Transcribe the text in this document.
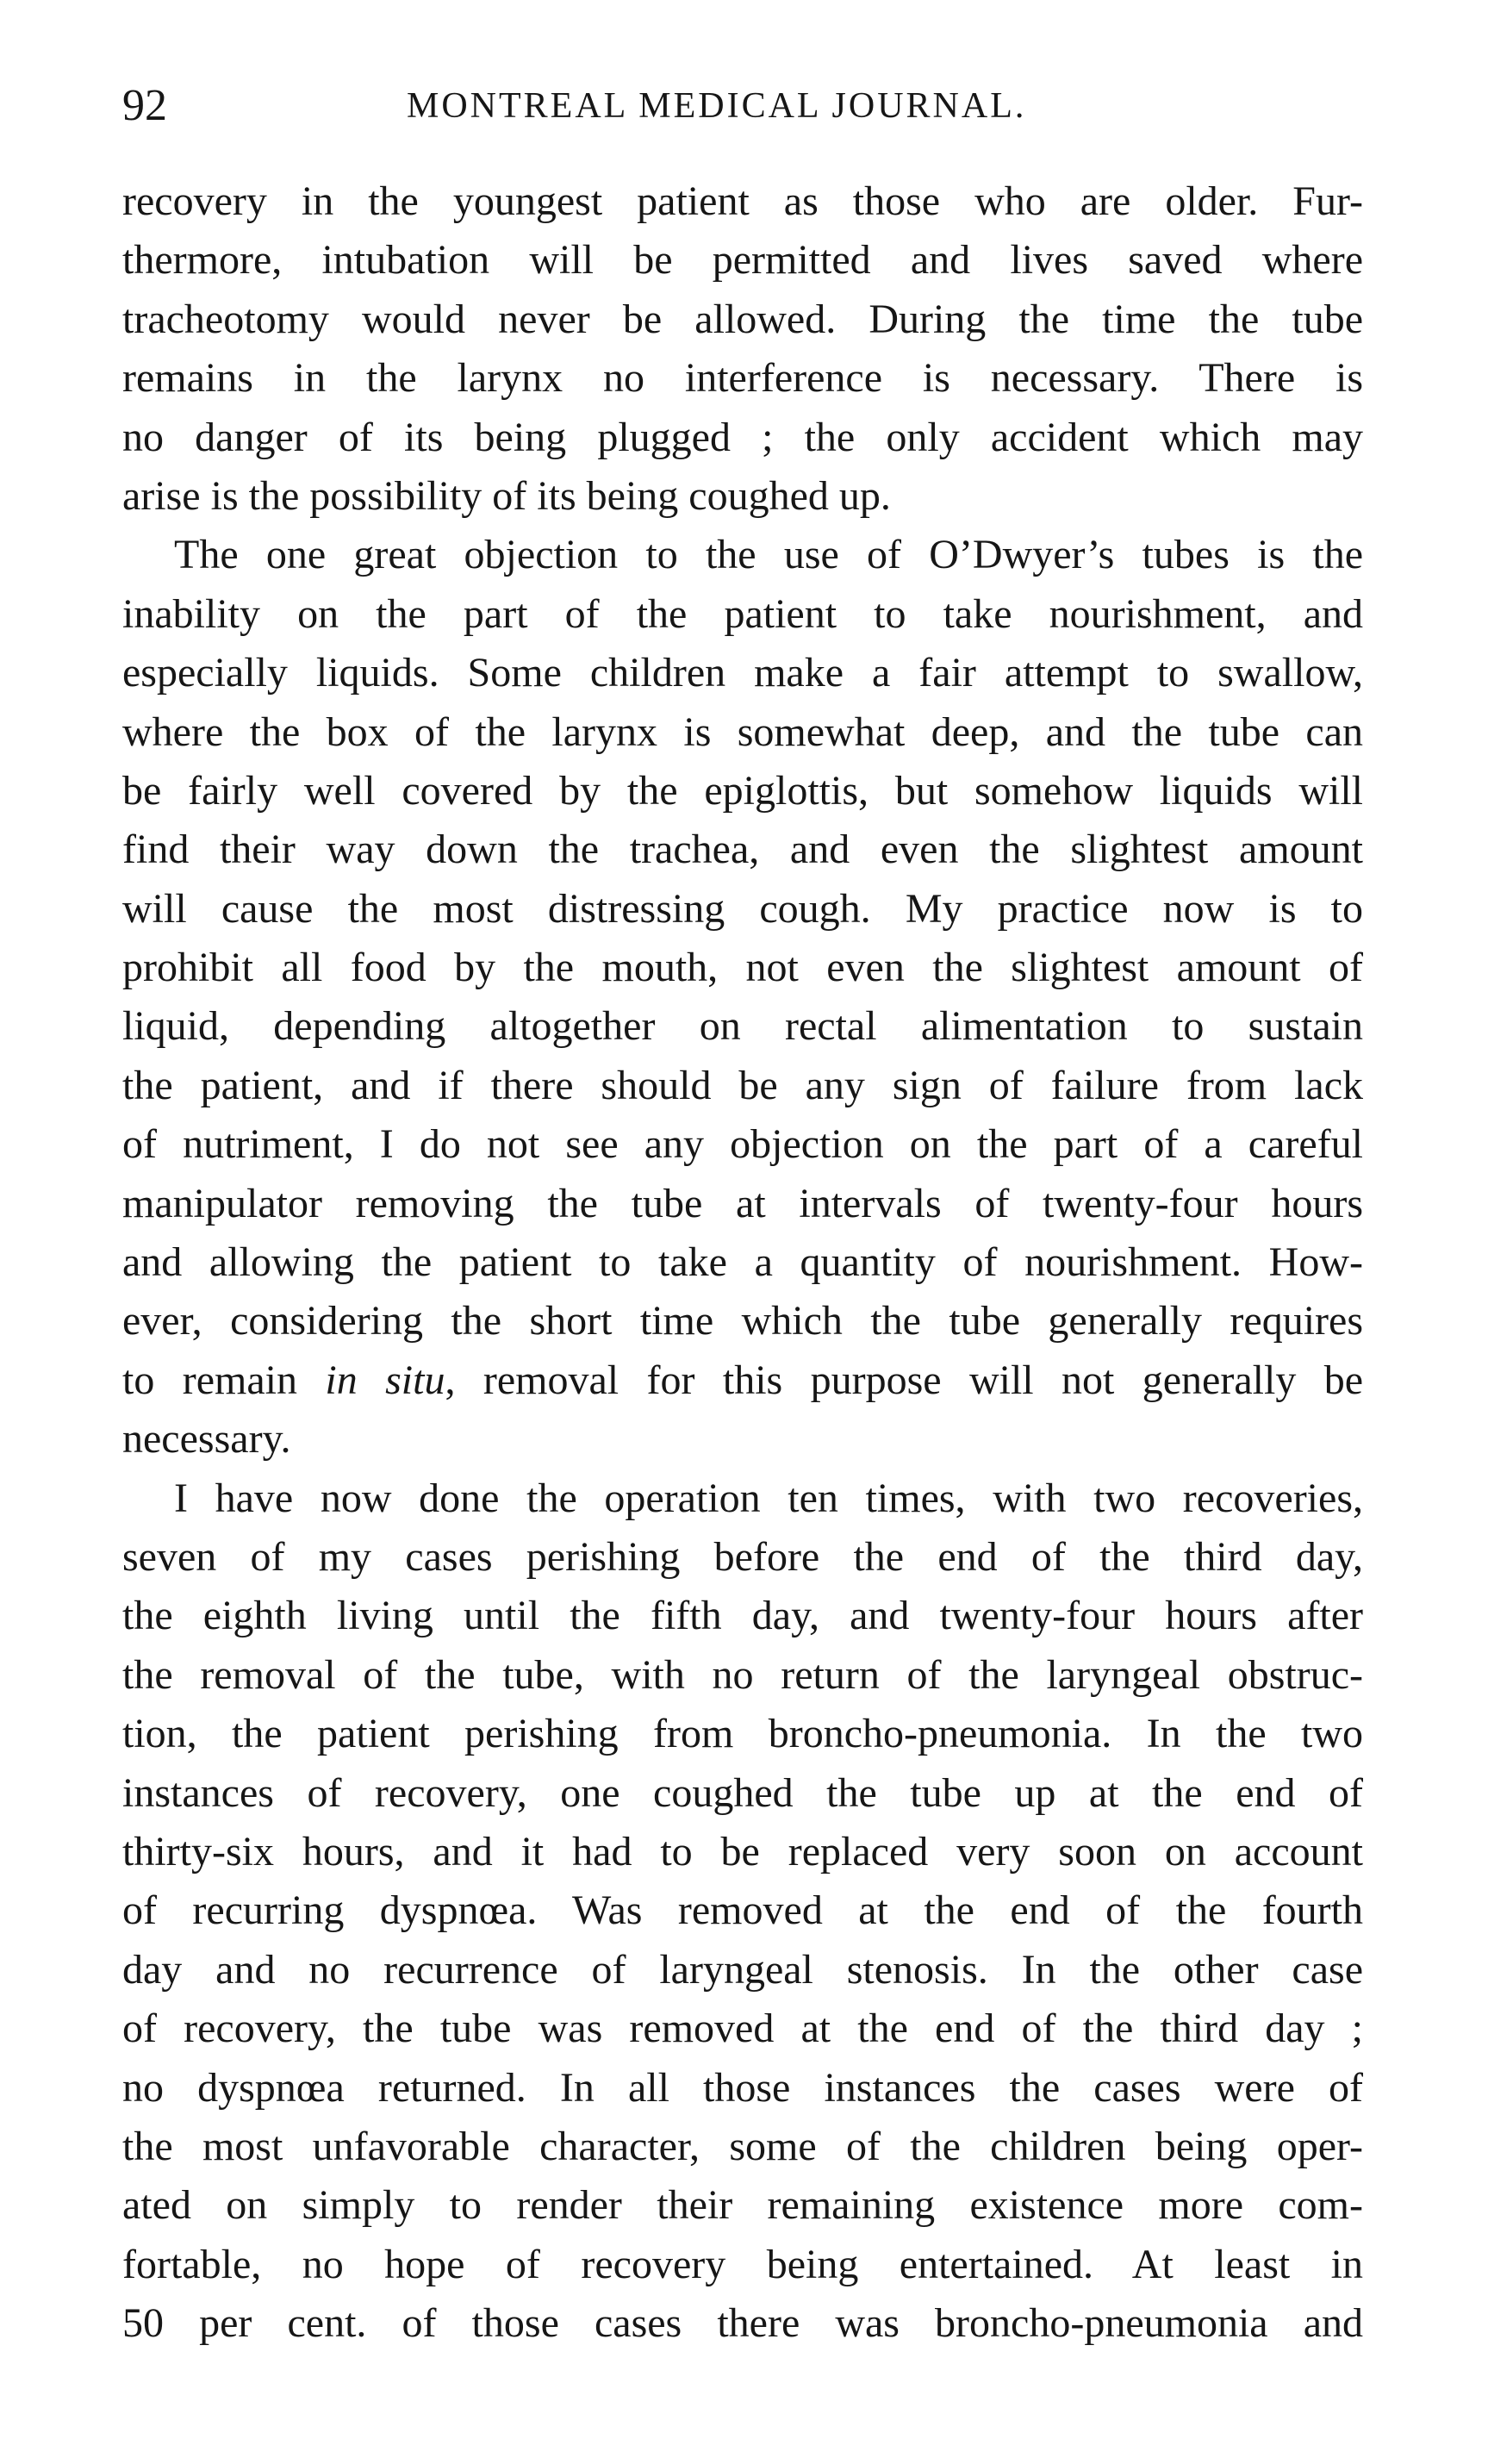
92	MONTREAL MEDICAL JOURNAL.
recovery in the youngest patient as those who are older. Fur-
thermore, intubation will be permitted and lives saved where
tracheotomy would never be allowed. During the time the tube
remains in the larynx no interference is necessary. There is
no danger of its being plugged ; the only accident which may
arise is the possibility of its being coughed up.
The one great objection to the use of O’Dwyer’s tubes is the
inability on the part of the patient to take nourishment, and
especially liquids. Some children make a fair attempt to swallow,
where the box of the larynx is somewhat deep, and the tube can
be fairly well covered by the epiglottis, but somehow liquids will
find their way down the trachea, and even the slightest amount
will cause the most distressing cough. My practice now is to
prohibit all food by the mouth, not even the slightest amount of
liquid, depending altogether on rectal alimentation to sustain
the patient, and if there should be any sign of failure from lack
of nutriment, I do not see any objection on the part of a careful
manipulator removing the tube at intervals of twenty-four hours
and allowing the patient to take a quantity of nourishment. How-
ever, considering the short time which the tube generally requires
to remain in situ, removal for this purpose will not generally be
necessary.
I have now done the operation ten times, with two recoveries,
seven of my cases perishing before the end of the third day,
the eighth living until the fifth day, and twenty-four hours after
the removal of the tube, with no return of the laryngeal obstruc-
tion, the patient perishing from broncho-pneumonia. In the two
instances of recovery, one coughed the tube up at the end of
thirty-six hours, and it had to be replaced very soon on account
of recurring dyspnœa. Was removed at the end of the fourth
day and no recurrence of laryngeal stenosis. In the other case
of recovery, the tube was removed at the end of the third day ;
no dyspnœa returned. In all those instances the cases were of
the most unfavorable character, some of the children being oper-
ated on simply to render their remaining existence more com-
fortable, no hope of recovery being entertained. At least in
50 per cent. of those cases there was broncho-pneumonia and
